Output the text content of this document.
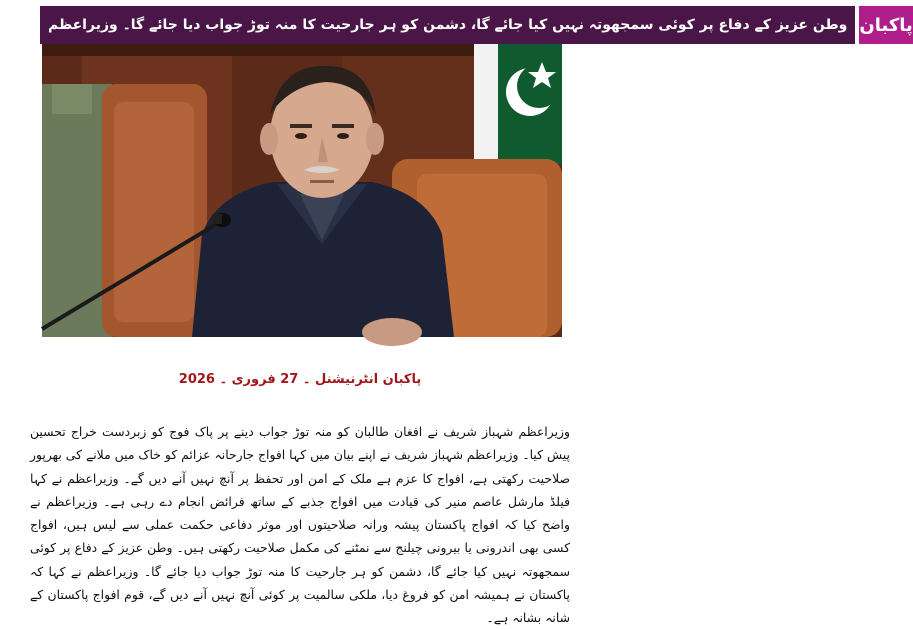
وطن عزیز کے دفاع پر کوئی سمجھوتہ نہیں کیا جائے گا، دشمن کو ہر جارحیت کا منہ توڑ جواب دیا جائے گا۔ وزیراعظم پاکبان
پاکبان انٹرنیشنل ۔ 27 فروری ۔ 2026
وزیراعظم شہباز شریف نے افغان طالبان کو منہ توڑ جواب دینے پر پاک فوج کو زبردست خراج تحسین پیش کیا۔ وزیراعظم شہباز شریف نے اپنے بیان میں کہا افواج جارحانہ عزائم کو خاک میں ملانے کی بھرپور صلاحیت رکھتی ہے، افواج کا عزم ہے ملک کے امن اور تحفظ پر آنچ نہیں آنے دیں گے۔ وزیراعظم نے کہا فیلڈ مارشل عاصم منیر کی قیادت میں افواج جذبے کے ساتھ فرائض انجام دے رہی ہے۔ وزیراعظم نے واضح کیا کہ افواج پاکستان پیشہ ورانہ صلاحیتوں اور موثر دفاعی حکمت عملی سے لیس ہیں، افواج کسی بھی اندرونی یا بیرونی چیلنج سے نمٹنے کی مکمل صلاحیت رکھتی ہیں۔ وطن عزیز کے دفاع پر کوئی سمجھوتہ نہیں کیا جائے گا، دشمن کو ہر جارحیت کا منہ توڑ جواب دیا جائے گا۔ وزیراعظم نے کہا کہ پاکستان نے ہمیشہ امن کو فروغ دیا، ملکی سالمیت پر کوئی آنچ نہیں آنے دیں گے، قوم افواج پاکستان کے شانہ بشانہ ہے۔
